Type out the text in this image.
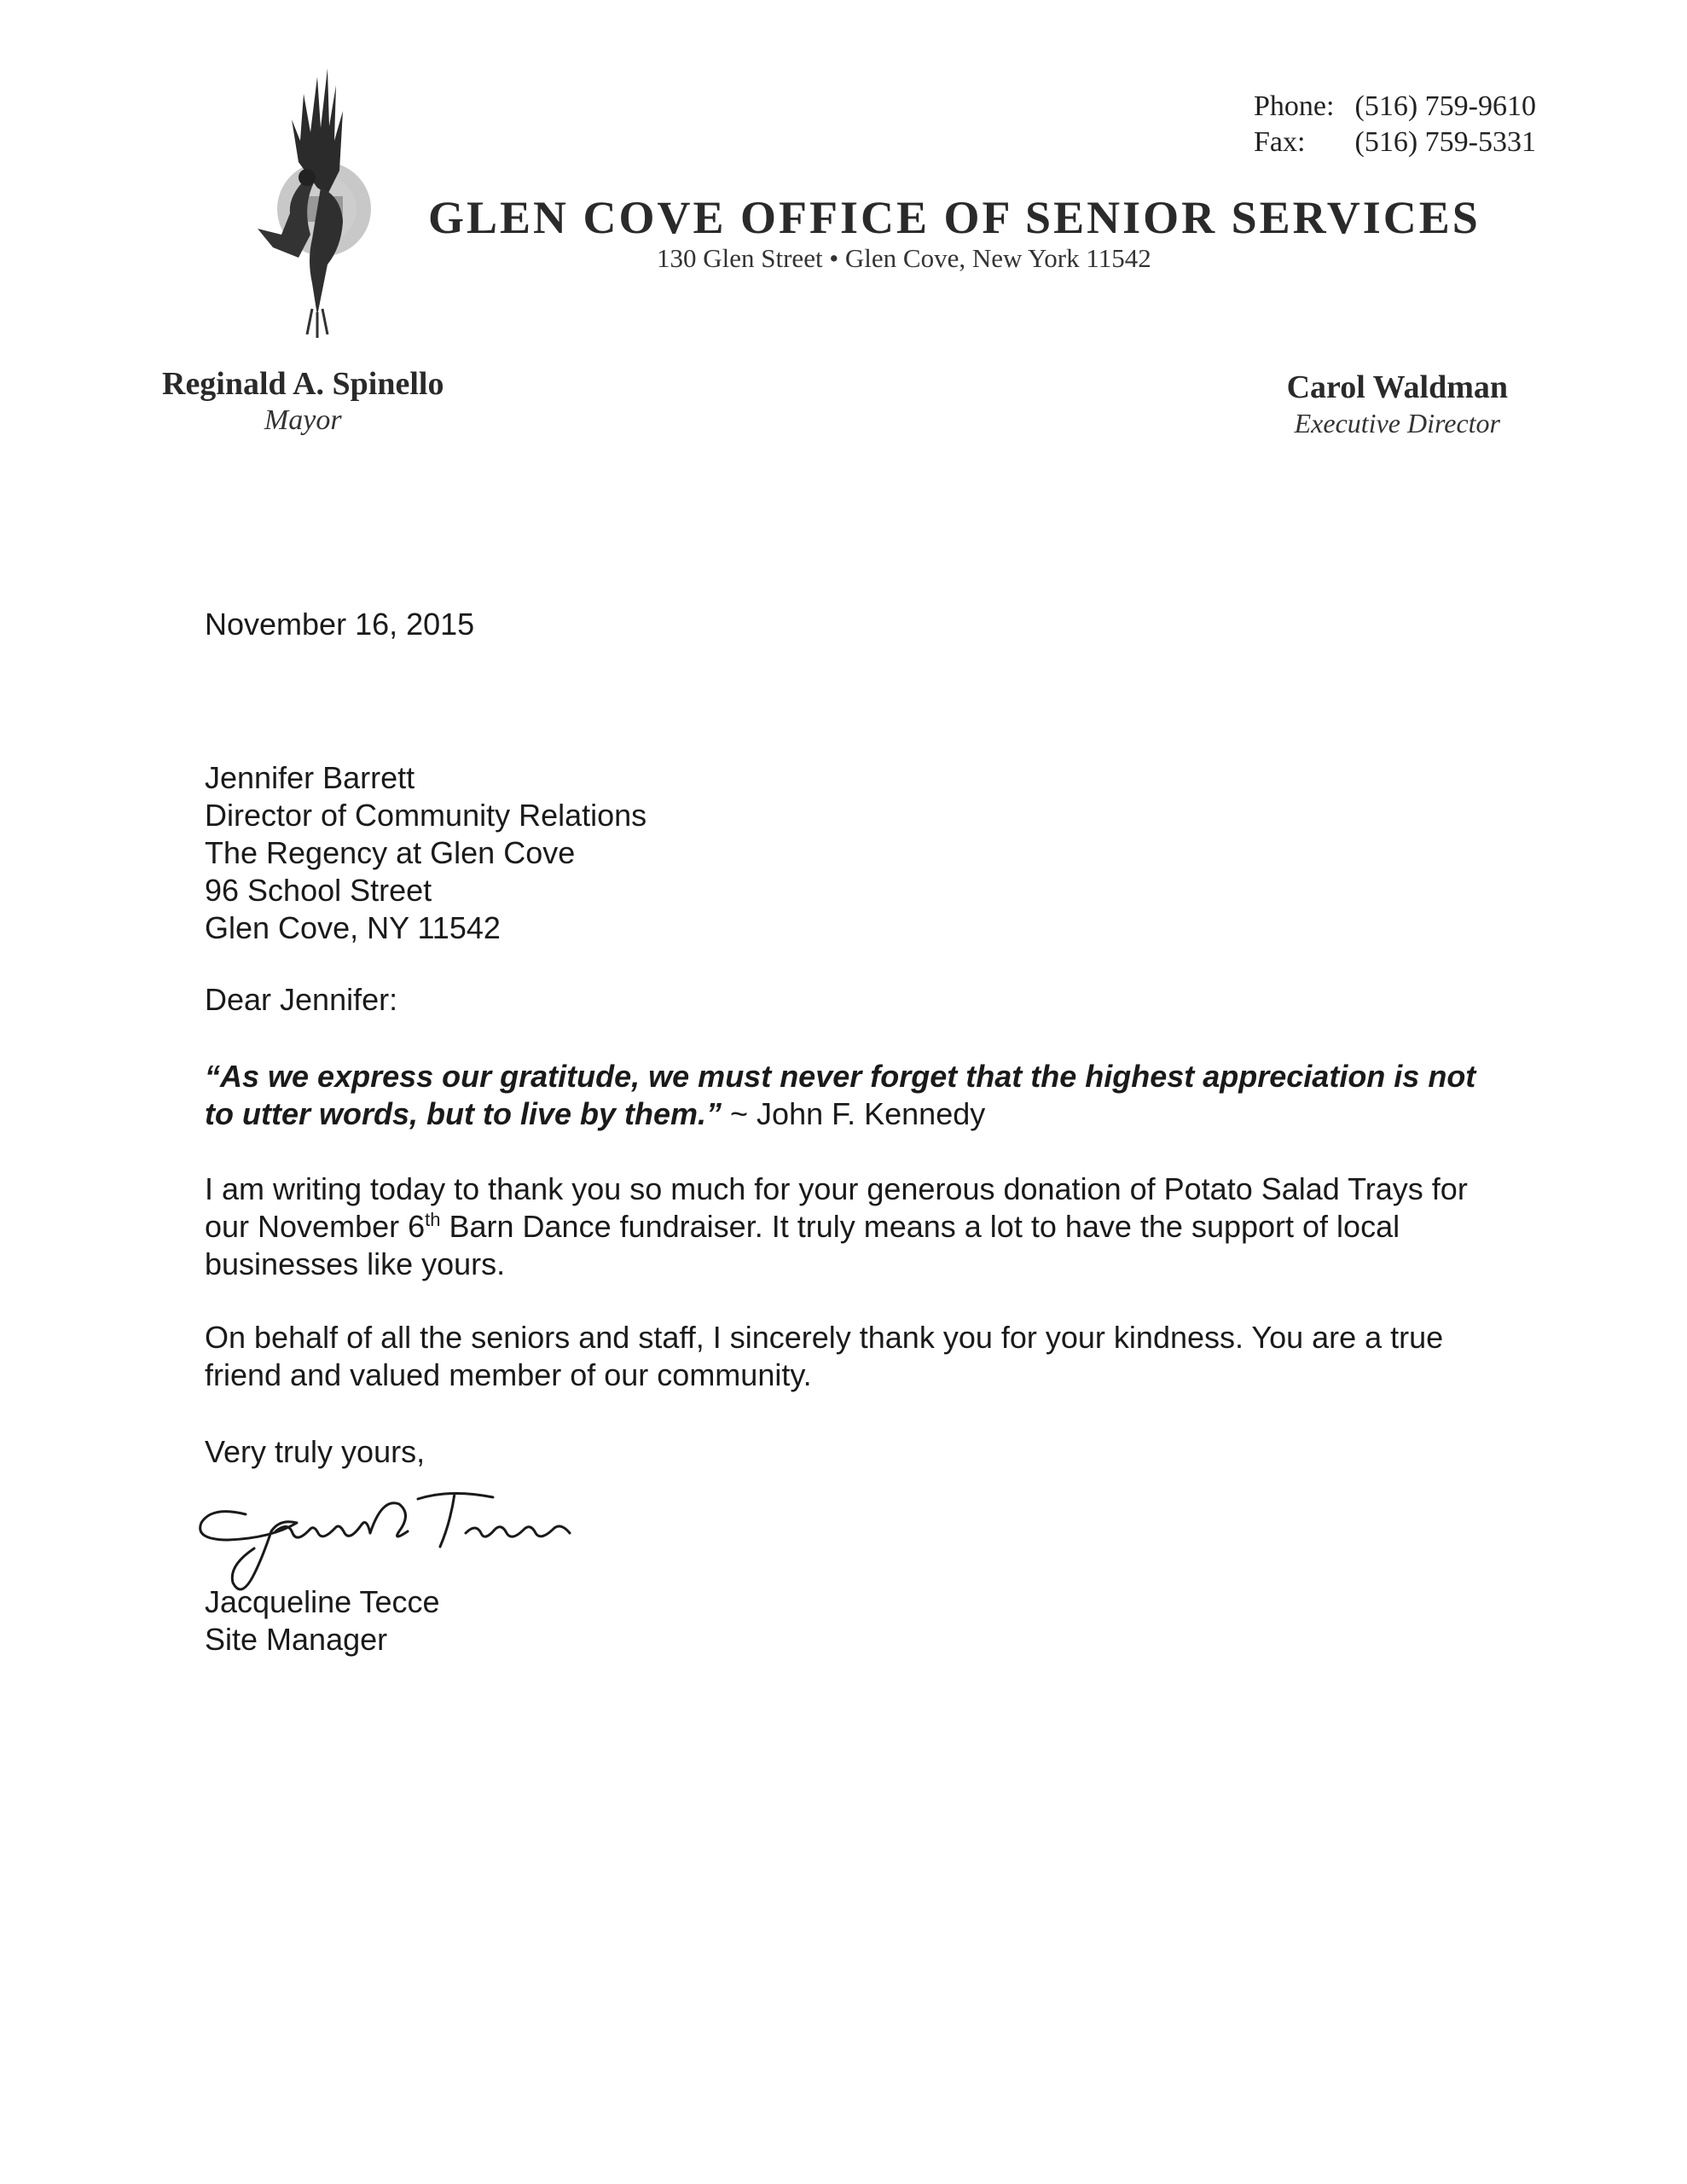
Phone: (516) 759-9610
Fax: (516) 759-5331
GLEN COVE OFFICE OF SENIOR SERVICES
130 Glen Street • Glen Cove, New York 11542
Reginald A. Spinello
Mayor
Carol Waldman
Executive Director
November 16, 2015
Jennifer Barrett
Director of Community Relations
The Regency at Glen Cove
96 School Street
Glen Cove, NY 11542
Dear Jennifer:
“As we express our gratitude, we must never forget that the highest appreciation is not to utter words, but to live by them.” ~ John F. Kennedy
I am writing today to thank you so much for your generous donation of Potato Salad Trays for our November 6th Barn Dance fundraiser. It truly means a lot to have the support of local businesses like yours.
On behalf of all the seniors and staff, I sincerely thank you for your kindness. You are a true friend and valued member of our community.
Very truly yours,
Jacqueline Tecce
Site Manager
